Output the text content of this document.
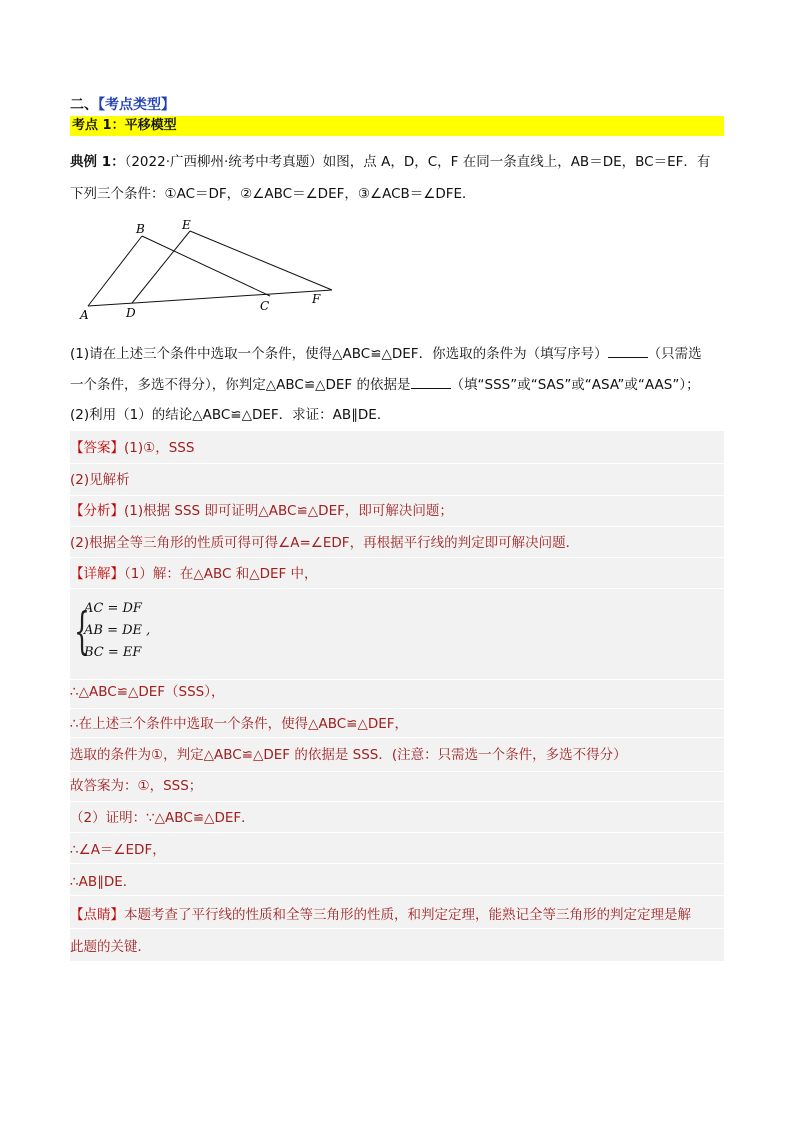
二、【考点类型】
考点 1：平移模型
典例 1：（2022·广西柳州·统考中考真题）如图，点 A，D，C，F 在同一条直线上，AB＝DE，BC＝EF．有
下列三个条件：①AC＝DF，②∠ABC＝∠DEF，③∠ACB＝∠DFE．
A
B
C
D
E
F
(1)请在上述三个条件中选取一个条件，使得△ABC≌△DEF．你选取的条件为（填写序号）	（只需选
一个条件，多选不得分），你判定△ABC≌△DEF 的依据是	（填“SSS”或“SAS”或“ASA”或“AAS”）；
(2)利用（1）的结论△ABC≌△DEF．求证：AB∥DE．
【答案】(1)①，SSS
(2)见解析
【分析】(1)根据 SSS 即可证明△ABC≌△DEF，即可解决问题；
(2)根据全等三角形的性质可得可得∠A=∠EDF，再根据平行线的判定即可解决问题．
【详解】（1）解：在△ABC 和△DEF 中，
{
AC = DF
AB = DE ,
BC = EF
∴△ABC≌△DEF（SSS），
∴在上述三个条件中选取一个条件，使得△ABC≌△DEF，
选取的条件为①，判定△ABC≌△DEF 的依据是 SSS．(注意：只需选一个条件，多选不得分）
故答案为：①，SSS；
（2）证明：∵△ABC≌△DEF．
∴∠A＝∠EDF，
∴AB∥DE．
【点睛】本题考查了平行线的性质和全等三角形的性质，和判定定理，能熟记全等三角形的判定定理是解
此题的关键．
